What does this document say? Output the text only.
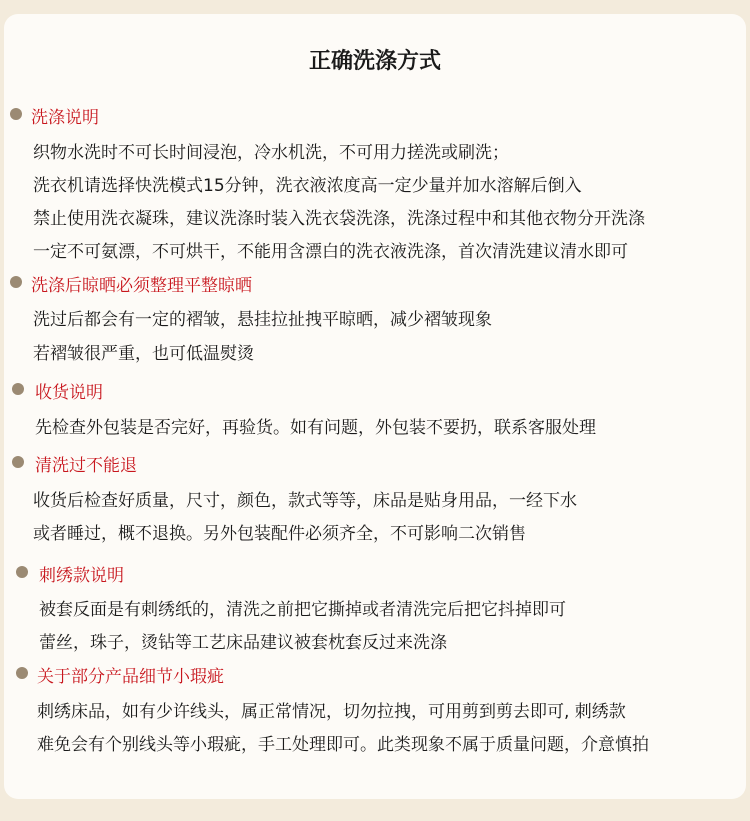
正确洗涤方式
洗涤说明
织物水洗时不可长时间浸泡，冷水机洗，不可用力搓洗或刷洗；
洗衣机请选择快洗模式15分钟，洗衣液浓度高一定少量并加水溶解后倒入
禁止使用洗衣凝珠，建议洗涤时装入洗衣袋洗涤，洗涤过程中和其他衣物分开洗涤
一定不可氨漂，不可烘干，不能用含漂白的洗衣液洗涤，首次清洗建议清水即可
洗涤后晾晒必须整理平整晾晒
洗过后都会有一定的褶皱，悬挂拉扯拽平晾晒，减少褶皱现象
若褶皱很严重，也可低温熨烫
收货说明
先检查外包装是否完好，再验货。如有问题，外包装不要扔，联系客服处理
清洗过不能退
收货后检查好质量，尺寸，颜色，款式等等，床品是贴身用品，一经下水
或者睡过，概不退换。另外包装配件必须齐全，不可影响二次销售
刺绣款说明
被套反面是有刺绣纸的，清洗之前把它撕掉或者清洗完后把它抖掉即可
蕾丝，珠子，烫钻等工艺床品建议被套枕套反过来洗涤
关于部分产品细节小瑕疵
刺绣床品，如有少许线头，属正常情况，切勿拉拽，可用剪到剪去即可, 刺绣款
难免会有个别线头等小瑕疵，手工处理即可。此类现象不属于质量问题，介意慎拍
